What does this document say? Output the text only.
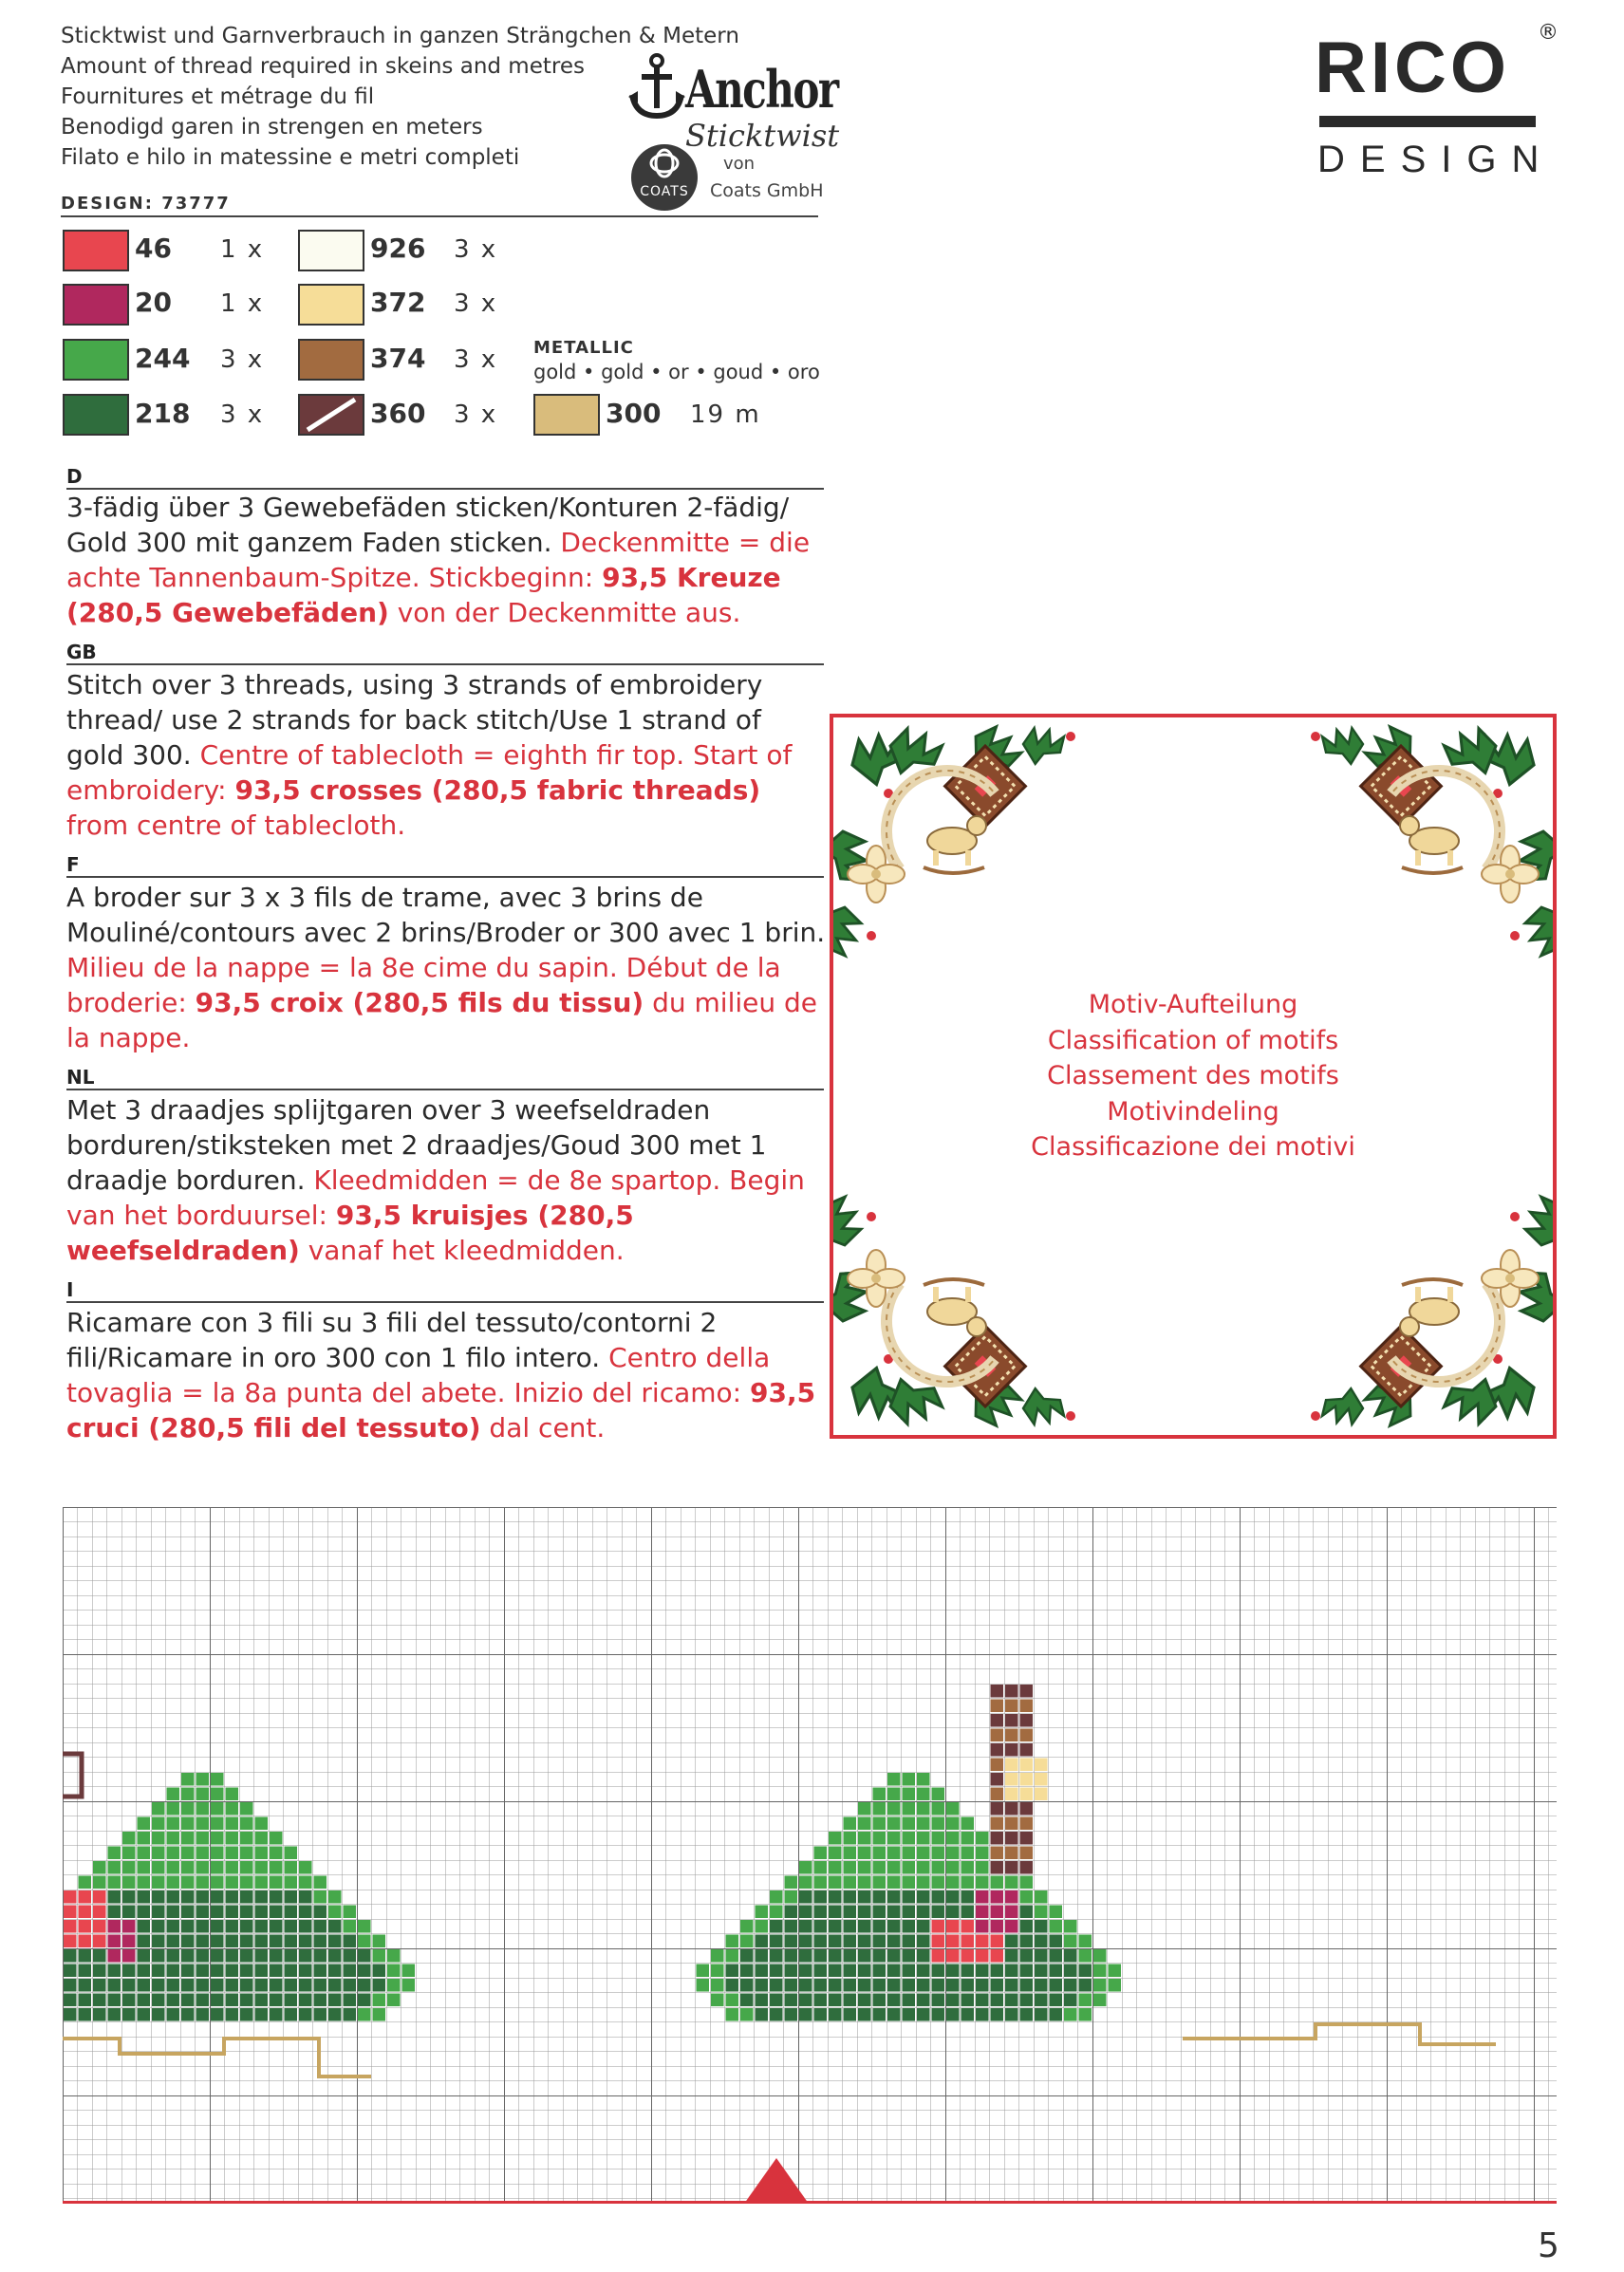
Sticktwist und Garnverbrauch in ganzen Strängchen & Metern
Amount of thread required in skeins and metres
Fournitures et métrage du fil
Benodigd garen in strengen en meters
Filato e hilo in matessine e metri completi
DESIGN: 73777
Anchor
Sticktwist
von
COATS	Coats GmbH
RICO ®
DESIGN
46 1 x
20 1 x
244 3 x
218 3 x
926 3 x
372 3 x
374 3 x
360 3 x
METALLIC
gold • gold • or • goud • oro
300 19 m
D
3-fädig über 3 Gewebefäden sticken/Konturen 2-fädig/ Gold 300 mit ganzem Faden sticken. Deckenmitte = die achte Tannenbaum-Spitze. Stickbeginn: 93,5 Kreuze (280,5 Gewebefäden) von der Deckenmitte aus.
GB
Stitch over 3 threads, using 3 strands of embroidery thread/ use 2 strands for back stitch/Use 1 strand of gold 300. Centre of tablecloth = eighth fir top. Start of embroidery: 93,5 crosses (280,5 fabric threads) from centre of tablecloth.
F
A broder sur 3 x 3 fils de trame, avec 3 brins de Mouliné/contours avec 2 brins/Broder or 300 avec 1 brin. Milieu de la nappe = la 8e cime du sapin. Début de la broderie: 93,5 croix (280,5 fils du tissu) du milieu de la nappe.
NL
Met 3 draadjes splijtgaren over 3 weefseldraden borduren/stiksteken met 2 draadjes/Goud 300 met 1 draadje borduren. Kleedmidden = de 8e spartop. Begin van het borduursel: 93,5 kruisjes (280,5 weefseldraden) vanaf het kleedmidden.
I
Ricamare con 3 fili su 3 fili del tessuto/contorni 2 fili/Ricamare in oro 300 con 1 filo intero. Centro della tovaglia = la 8a punta del abete. Inizio del ricamo: 93,5 cruci (280,5 fili del tessuto) dal cent.
Motiv-Aufteilung
Classification of motifs
Classement des motifs
Motivindeling
Classificazione dei motivi
5
